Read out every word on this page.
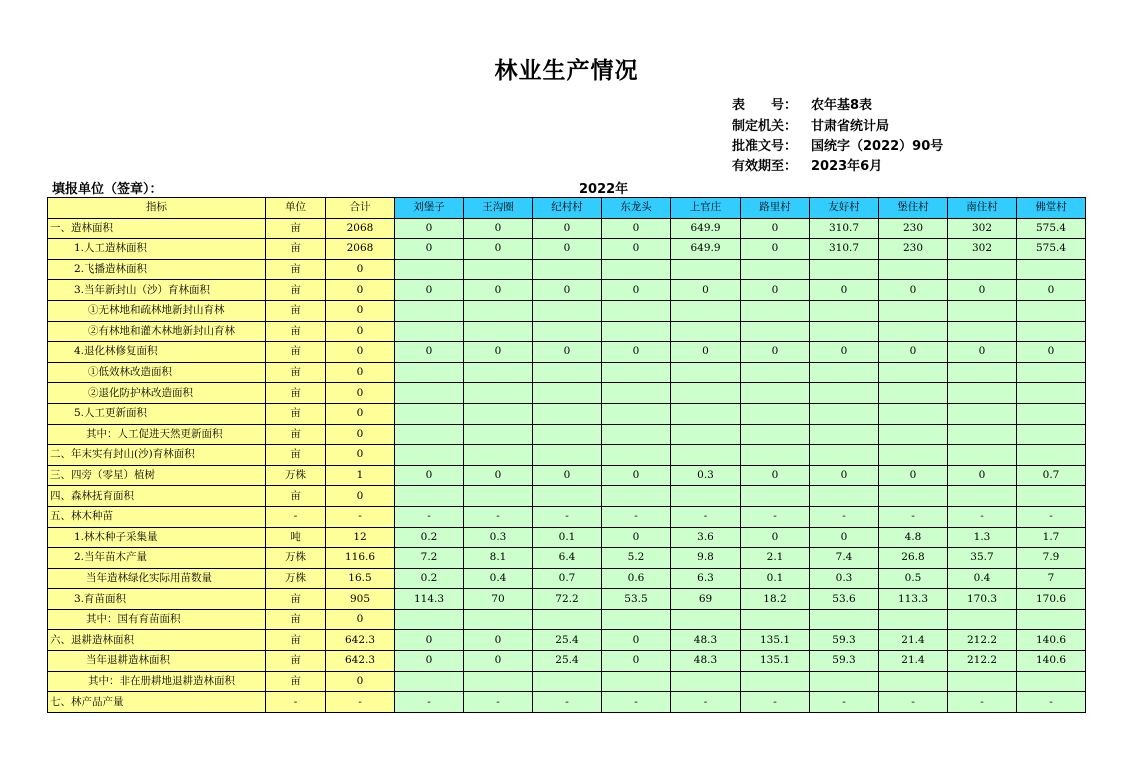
林业生产情况
表　　号： 农年基8表
制定机关： 甘肃省统计局
批准文号： 国统字（2022）90号
有效期至： 2023年6月
填报单位（签章）：	2022年
指标	单位	合计	刘堡子	王沟圈	纪村村	东龙头	上官庄	路里村	友好村	堡住村	南住村	佛堂村
一、造林面积	亩	2068	0	0	0	0	649.9	0	310.7	230	302	575.4
1.人工造林面积	亩	2068	0	0	0	0	649.9	0	310.7	230	302	575.4
2.飞播造林面积	亩	0										
3.当年新封山（沙）育林面积	亩	0	0	0	0	0	0	0	0	0	0	0
①无林地和疏林地新封山育林	亩	0										
②有林地和灌木林地新封山育林	亩	0										
4.退化林修复面积	亩	0	0	0	0	0	0	0	0	0	0	0
①低效林改造面积	亩	0										
②退化防护林改造面积	亩	0										
5.人工更新面积	亩	0										
其中：人工促进天然更新面积	亩	0										
二、年末实有封山(沙)育林面积	亩	0										
三、四旁（零星）植树	万株	1	0	0	0	0	0.3	0	0	0	0	0.7
四、森林抚育面积	亩	0										
五、林木种苗	-	-	-	-	-	-	-	-	-	-	-	-
1.林木种子采集量	吨	12	0.2	0.3	0.1	0	3.6	0	0	4.8	1.3	1.7
2.当年苗木产量	万株	116.6	7.2	8.1	6.4	5.2	9.8	2.1	7.4	26.8	35.7	7.9
当年造林绿化实际用苗数量	万株	16.5	0.2	0.4	0.7	0.6	6.3	0.1	0.3	0.5	0.4	7
3.育苗面积	亩	905	114.3	70	72.2	53.5	69	18.2	53.6	113.3	170.3	170.6
其中：国有育苗面积	亩	0										
六、退耕造林面积	亩	642.3	0	0	25.4	0	48.3	135.1	59.3	21.4	212.2	140.6
当年退耕造林面积	亩	642.3	0	0	25.4	0	48.3	135.1	59.3	21.4	212.2	140.6
其中：非在册耕地退耕造林面积	亩	0										
七、林产品产量	-	-	-	-	-	-	-	-	-	-	-	-
